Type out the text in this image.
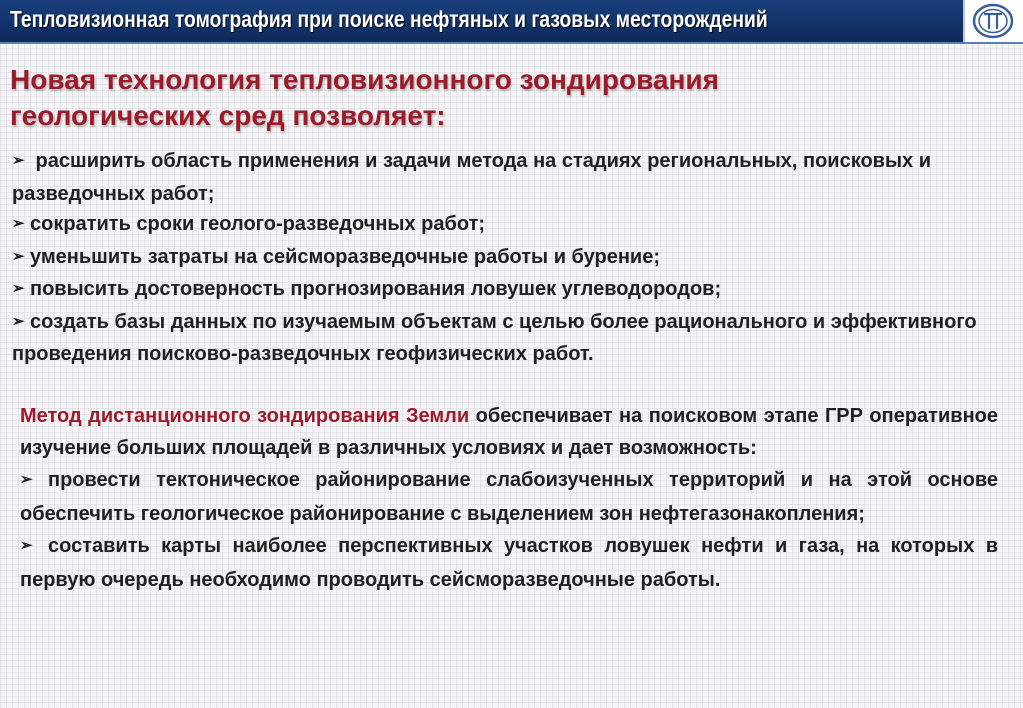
Тепловизионная томография при поиске нефтяных и газовых месторождений
Новая технология тепловизионного зондирования
геологических сред позволяет:
➢ расширить область применения и задачи метода на стадиях региональных, поисковых и разведочных работ;
➢ сократить сроки геолого-разведочных работ;
➢ уменьшить затраты на сейсморазведочные работы и бурение;
➢ повысить достоверность прогнозирования ловушек углеводородов;
➢ создать базы данных по изучаемым объектам с целью более рационального и эффективного проведения поисково-разведочных геофизических работ.

Метод дистанционного зондирования Земли обеспечивает на поисковом этапе ГРР оперативное изучение больших площадей в различных условиях и дает возможность:

➢ провести тектоническое районирование слабоизученных территорий и на этой основе обеспечить геологическое районирование с выделением зон нефтегазонакопления;

➢ составить карты наиболее перспективных участков ловушек нефти и газа, на которых в первую очередь необходимо проводить сейсморазведочные работы.
